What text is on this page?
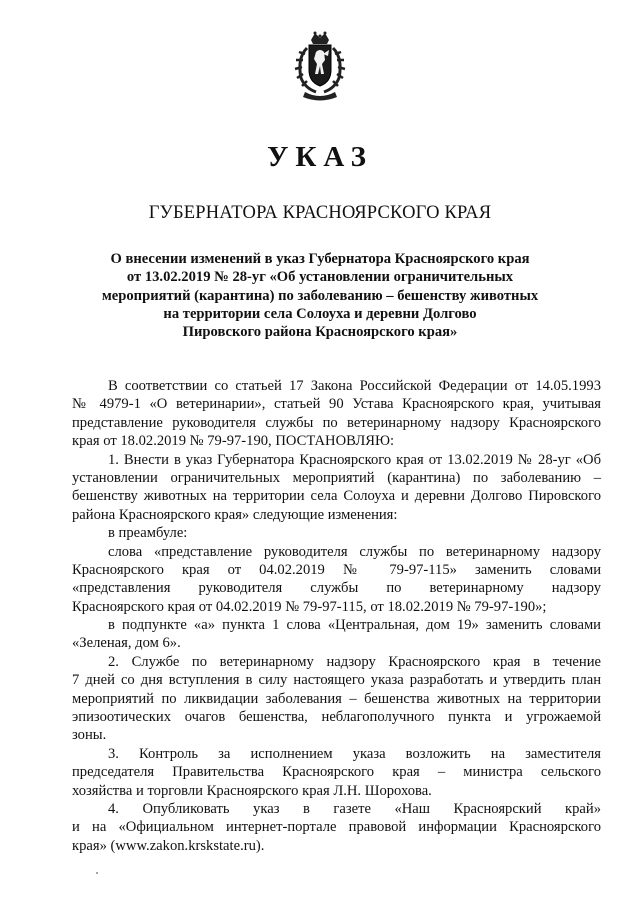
УКАЗ
ГУБЕРНАТОРА КРАСНОЯРСКОГО КРАЯ
О внесении изменений в указ Губернатора Красноярского края
от 13.02.2019 № 28-уг «Об установлении ограничительных
мероприятий (карантина) по заболеванию – бешенству животных
на территории села Солоуха и деревни Долгово
Пировского района Красноярского края»
В соответствии со статьей 17 Закона Российской Федерации от 14.05.1993
№ 4979-1 «О ветеринарии», статьей 90 Устава Красноярского края, учитывая
представление руководителя службы по ветеринарному надзору Красноярского
края от 18.02.2019 № 79-97-190, ПОСТАНОВЛЯЮ:
1. Внести в указ Губернатора Красноярского края от 13.02.2019 № 28-уг «Об
установлении ограничительных мероприятий (карантина) по заболеванию –
бешенству животных на территории села Солоуха и деревни Долгово Пировского
района Красноярского края» следующие изменения:
в преамбуле:
слова «представление руководителя службы по ветеринарному надзору
Красноярского края от 04.02.2019 № 79-97-115» заменить словами
«представления руководителя службы по ветеринарному надзору
Красноярского края от 04.02.2019 № 79-97-115, от 18.02.2019 № 79-97-190»;
в подпункте «а» пункта 1 слова «Центральная, дом 19» заменить словами
«Зеленая, дом 6».
2. Службе по ветеринарному надзору Красноярского края в течение
7 дней со дня вступления в силу настоящего указа разработать и утвердить план
мероприятий по ликвидации заболевания – бешенства животных на территории
эпизоотических очагов бешенства, неблагополучного пункта и угрожаемой
зоны.
3. Контроль за исполнением указа возложить на заместителя
председателя Правительства Красноярского края – министра сельского
хозяйства и торговли Красноярского края Л.Н. Шорохова.
4. Опубликовать указ в газете «Наш Красноярский край»
и на «Официальном интернет-портале правовой информации Красноярского
края» (www.zakon.krskstate.ru).
